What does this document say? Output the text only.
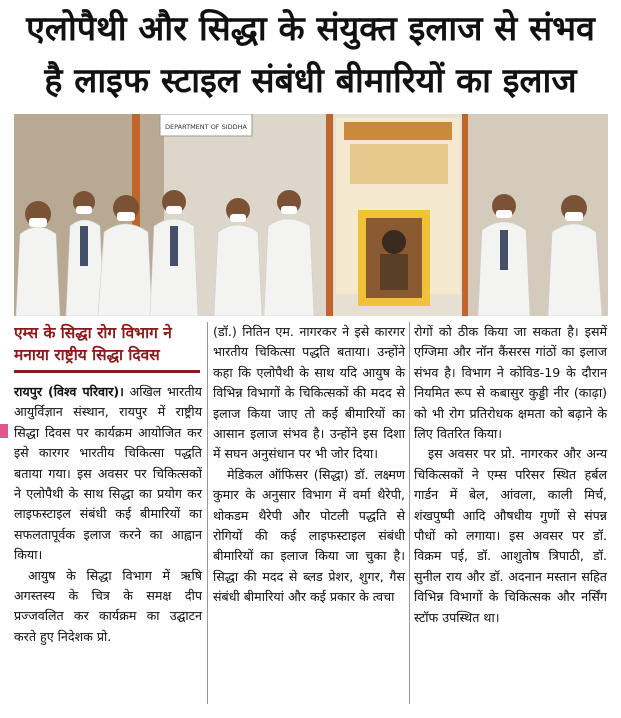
एलोपैथी और सिद्धा के संयुक्त इलाज से संभव
है लाइफ स्टाइल संबंधी बीमारियों का इलाज
DEPARTMENT OF SIDDHA
एम्स के सिद्धा रोग विभाग ने
मनाया राष्ट्रीय सिद्धा दिवस

रायपुर (विश्व परिवार)। अखिल भारतीय आयुर्विज्ञान संस्थान, रायपुर में राष्ट्रीय सिद्धा दिवस पर कार्यक्रम आयोजित कर इसे कारगर भारतीय चिकित्सा पद्धति बताया गया। इस अवसर पर चिकित्सकों ने एलोपैथी के साथ सिद्धा का प्रयोग कर लाइफस्टाइल संबंधी कई बीमारियों का सफलतापूर्वक इलाज करने का आह्वान किया।

आयुष के सिद्धा विभाग में ऋषि अगस्तस्य के चित्र के समक्ष दीप प्रज्जवलित कर कार्यक्रम का उद्घाटन करते हुए निदेशक प्रो.

(डॉ.) नितिन एम. नागरकर ने इसे कारगर भारतीय चिकित्सा पद्धति बताया। उन्होंने कहा कि एलोपैथी के साथ यदि आयुष के विभिन्न विभागों के चिकित्सकों की मदद से इलाज किया जाए तो कई बीमारियों का आसान इलाज संभव है। उन्होंने इस दिशा में सघन अनुसंधान पर भी जोर दिया।

मेडिकल ऑफिसर (सिद्धा) डॉ. लक्ष्मण कुमार के अनुसार विभाग में वर्मा थैरेपी, थोकडम थैरेपी और पोटली पद्धति से रोगियों की कई लाइफस्टाइल संबंधी बीमारियों का इलाज किया जा चुका है। सिद्धा की मदद से ब्लड प्रेशर, शुगर, गैस संबंधी बीमारियां और कई प्रकार के त्वचा

रोगों को ठीक किया जा सकता है। इसमें एग्जिमा और नॉन कैंसरस गांठों का इलाज संभव है। विभाग ने कोविड-19 के दौरान नियमित रूप से कबासुर कुड्डी नीर (काढ़ा) को भी रोग प्रतिरोधक क्षमता को बढ़ाने के लिए वितरित किया।

इस अवसर पर प्रो. नागरकर और अन्य चिकित्सकों ने एम्स परिसर स्थित हर्बल गार्डन में बेल, आंवला, काली मिर्च, शंखपुष्पी आदि औषधीय गुणों से संपन्न पौधों को लगाया। इस अवसर पर डॉ. विक्रम पई, डॉ. आशुतोष त्रिपाठी, डॉ. सुनील राय और डॉ. अदनान मस्तान सहित विभिन्न विभागों के चिकित्सक और नर्सिंग स्टॉफ उपस्थित था।
